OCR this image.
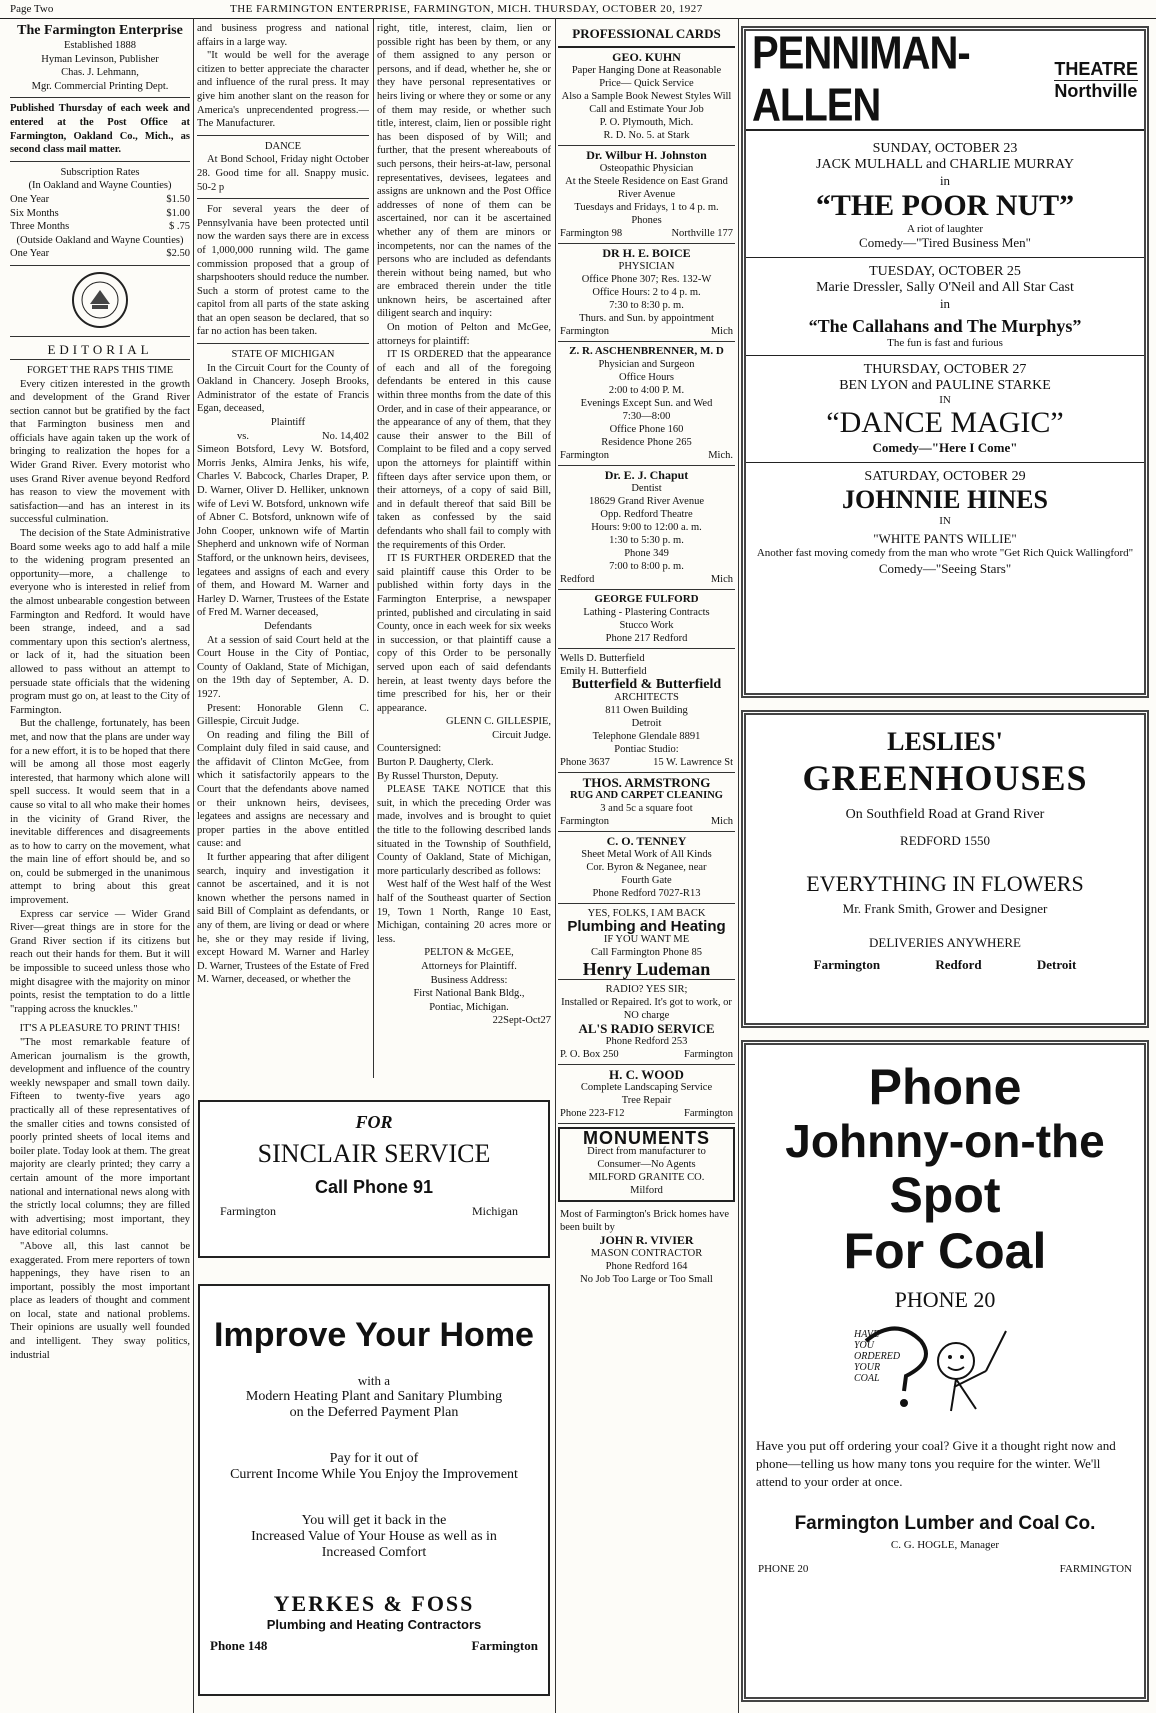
Page Two	THE FARMINGTON ENTERPRISE, FARMINGTON, MICH. THURSDAY, OCTOBER 20, 1927
The Farmington Enterprise
Established 1888
Hyman Levinson, Publisher
Chas. J. Lehmann,
Mgr. Commercial Printing Dept.
Published Thursday of each week and entered at the Post Office at Farmington, Oakland Co., Mich., as second class mail matter.
Subscription Rates
(In Oakland and Wayne Counties)
One Year	$1.50
Six Months	$1.00
Three Months	$ .75
(Outside Oakland and Wayne Counties)
One Year	$2.50
EDITORIAL
FORGET THE RAPS THIS TIME

Every citizen interested in the growth and development of the Grand River section cannot but be gratified by the fact that Farmington business men and officials have again taken up the work of bringing to realization the hopes for a Wider Grand River. Every motorist who uses Grand River avenue beyond Redford has reason to view the movement with satisfaction—and has an interest in its successful culmination.

The decision of the State Administrative Board some weeks ago to add half a mile to the widening program presented an opportunity—more, a challenge to everyone who is interested in relief from the almost unbearable congestion between Farmington and Redford. It would have been strange, indeed, and a sad commentary upon this section's alertness, or lack of it, had the situation been allowed to pass without an attempt to persuade state officials that the widening program must go on, at least to the City of Farmington.

But the challenge, fortunately, has been met, and now that the plans are under way for a new effort, it is to be hoped that there will be among all those most eagerly interested, that harmony which alone will spell success. It would seem that in a cause so vital to all who make their homes in the vicinity of Grand River, the inevitable differences and disagreements as to how to carry on the movement, what the main line of effort should be, and so on, could be submerged in the unanimous attempt to bring about this great improvement.

Express car service — Wider Grand River—great things are in store for the Grand River section if its citizens but reach out their hands for them. But it will be impossible to suceed unless those who might disagree with the majority on minor points, resist the temptation to do a little "rapping across the knuckles."

IT'S A PLEASURE TO PRINT THIS!

"The most remarkable feature of American journalism is the growth, development and influence of the country weekly newspaper and small town daily. Fifteen to twenty-five years ago practically all of these representatives of the smaller cities and towns consisted of poorly printed sheets of local items and boiler plate. Today look at them. The great majority are clearly printed; they carry a certain amount of the more important national and international news along with the strictly local columns; they are filled with advertising; most important, they have editorial columns.

"Above all, this last cannot be exaggerated. From mere reporters of town happenings, they have risen to an important, possibly the most important place as leaders of thought and comment on local, state and national problems. Their opinions are usually well founded and intelligent. They sway politics, industrial

and business progress and national affairs in a large way.

"It would be well for the average citizen to better appreciate the character and influence of the rural press. It may give him another slant on the reason for America's unprecendented progress.—The Manufacturer.

DANCE

At Bond School, Friday night October 28. Good time for all. Snappy music. 50-2 p

For several years the deer of Pennsylvania have been protected until now the warden says there are in excess of 1,000,000 running wild. The game commission proposed that a group of sharpshooters should reduce the number. Such a storm of protest came to the capitol from all parts of the state asking that an open season be declared, that so far no action has been taken.

STATE OF MICHIGAN

In the Circuit Court for the County of Oakland in Chancery. Joseph Brooks, Administrator of the estate of Francis Egan, deceased,

Plaintiff

vs.	No. 14,402

Simeon Botsford, Levy W. Botsford, Morris Jenks, Almira Jenks, his wife, Charles V. Babcock, Charles Draper, P. D. Warner, Oliver D. Helliker, unknown wife of Levi W. Botsford, unknown wife of Abner C. Botsford, unknown wife of John Cooper, unknown wife of Martin Shepherd and unknown wife of Norman Stafford, or the unknown heirs, devisees, legatees and assigns of each and every of them, and Howard M. Warner and Harley D. Warner, Trustees of the Estate of Fred M. Warner deceased,

Defendants

At a session of said Court held at the Court House in the City of Pontiac, County of Oakland, State of Michigan, on the 19th day of September, A. D. 1927.

Present: Honorable Glenn C. Gillespie, Circuit Judge.

On reading and filing the Bill of Complaint duly filed in said cause, and the affidavit of Clinton McGee, from which it satisfactorily appears to the Court that the defendants above named or their unknown heirs, devisees, legatees and assigns are necessary and proper parties in the above entitled cause: and

It further appearing that after diligent search, inquiry and investigation it cannot be ascertained, and it is not known whether the persons named in said Bill of Complaint as defendants, or any of them, are living or dead or where he, she or they may reside if living, except Howard M. Warner and Harley D. Warner, Trustees of the Estate of Fred M. Warner, deceased, or whether the

right, title, interest, claim, lien or possible right has been by them, or any of them assigned to any person or persons, and if dead, whether he, she or they have personal representatives or heirs living or where they or some or any of them may reside, or whether such title, interest, claim, lien or possible right has been disposed of by Will; and further, that the present whereabouts of such persons, their heirs-at-law, personal representatives, devisees, legatees and assigns are unknown and the Post Office addresses of none of them can be ascertained, nor can it be ascertained whether any of them are minors or incompetents, nor can the names of the persons who are included as defendants therein without being named, but who are embraced therein under the title unknown heirs, be ascertained after diligent search and inquiry:

On motion of Pelton and McGee, attorneys for plaintiff:

IT IS ORDERED that the appearance of each and all of the foregoing defendants be entered in this cause within three months from the date of this Order, and in case of their appearance, or the appearance of any of them, that they cause their answer to the Bill of Complaint to be filed and a copy served upon the attorneys for plaintiff within fifteen days after service upon them, or their attorneys, of a copy of said Bill, and in default thereof that said Bill be taken as confessed by the said defendants who shall fail to comply with the requirements of this Order.

IT IS FURTHER ORDERED that the said plaintiff cause this Order to be published within forty days in the Farmington Enterprise, a newspaper printed, published and circulating in said County, once in each week for six weeks in succession, or that plaintiff cause a copy of this Order to be personally served upon each of said defendants herein, at least twenty days before the time prescribed for his, her or their appearance.

GLENN C. GILLESPIE,

Circuit Judge.

Countersigned:

Burton P. Daugherty, Clerk.

By Russel Thurston, Deputy.

PLEASE TAKE NOTICE that this suit, in which the preceding Order was made, involves and is brought to quiet the title to the following described lands situated in the Township of Southfield, County of Oakland, State of Michigan, more particularly described as follows:

West half of the West half of the West half of the Southeast quarter of Section 19, Town 1 North, Range 10 East, Michigan, containing 20 acres more or less.

PELTON & McGEE,

Attorneys for Plaintiff.

Business Address:

First National Bank Bldg.,

Pontiac, Michigan.

22Sept-Oct27

FOR
SINCLAIR SERVICE
Call Phone 91
Farmington	Michigan
Improve Your Home
with a
Modern Heating Plant and Sanitary Plumbing
on the Deferred Payment Plan
Pay for it out of
Current Income While You Enjoy the Improvement
You will get it back in the
Increased Value of Your House as well as in
Increased Comfort
YERKES & FOSS
Plumbing and Heating Contractors
Phone 148	Farmington
PROFESSIONAL CARDS
GEO. KUHN
Paper Hanging Done at Reasonable Price— Quick Service
Also a Sample Book Newest Styles Will Call and Estimate Your Job
P. O. Plymouth, Mich.
R. D. No. 5. at Stark
Dr. Wilbur H. Johnston
Osteopathic Physician
At the Steele Residence on East Grand River Avenue
Tuesdays and Fridays, 1 to 4 p. m.
Phones
Farmington 98	Northville 177
DR H. E. BOICE
PHYSICIAN
Office Phone 307; Res. 132-W
Office Hours: 2 to 4 p. m.
7:30 to 8:30 p. m.
Thurs. and Sun. by appointment
Farmington	Mich
Z. R. ASCHENBRENNER, M. D
Physician and Surgeon
Office Hours
2:00 to 4:00 P. M.
Evenings Except Sun. and Wed
7:30—8:00
Office Phone 160
Residence Phone 265
Farmington	Mich.
Dr. E. J. Chaput
Dentist
18629 Grand River Avenue
Opp. Redford Theatre
Hours: 9:00 to 12:00 a. m.
1:30 to 5:30 p. m.
Phone 349
7:00 to 8:00 p. m.
Redford	Mich
GEORGE FULFORD
Lathing - Plastering Contracts
Stucco Work
Phone 217 Redford
Wells D. Butterfield
Emily H. Butterfield
Butterfield & Butterfield
ARCHITECTS
811 Owen Building
Detroit
Telephone Glendale 8891
Pontiac Studio:
Phone 3637	15 W. Lawrence St
THOS. ARMSTRONG
RUG AND CARPET CLEANING
3 and 5c a square foot
Farmington	Mich
C. O. TENNEY
Sheet Metal Work of All Kinds
Cor. Byron & Neganee, near
Fourth Gate
Phone Redford 7027-R13
YES, FOLKS, I AM BACK
Plumbing and Heating
IF YOU WANT ME
Call Farmington Phone 85
Henry Ludeman
RADIO? YES SIR;
Installed or Repaired. It's got to work, or NO charge
AL'S RADIO SERVICE
Phone Redford 253
P. O. Box 250	Farmington
H. C. WOOD
Complete Landscaping Service
Tree Repair
Phone 223-F12	Farmington
MONUMENTS
Direct from manufacturer to
Consumer—No Agents
MILFORD GRANITE CO.
Milford
Most of Farmington's Brick homes have been built by
JOHN R. VIVIER
MASON CONTRACTOR
Phone Redford 164
No Job Too Large or Too Small
PENNIMAN-ALLEN
THEATRE
Northville
SUNDAY, OCTOBER 23
JACK MULHALL and CHARLIE MURRAY
in
“THE POOR NUT”
A riot of laughter
Comedy—"Tired Business Men"
TUESDAY, OCTOBER 25
Marie Dressler, Sally O'Neil and All Star Cast
in
“The Callahans and The Murphys”
The fun is fast and furious
THURSDAY, OCTOBER 27
BEN LYON and PAULINE STARKE
IN
“DANCE MAGIC”
Comedy—"Here I Come"
SATURDAY, OCTOBER 29
JOHNNIE HINES
IN
"WHITE PANTS WILLIE"
Another fast moving comedy from the man who wrote "Get Rich Quick Wallingford"
Comedy—"Seeing Stars"
LESLIES'
GREENHOUSES
On Southfield Road at Grand River
REDFORD 1550
EVERYTHING IN FLOWERS
Mr. Frank Smith, Grower and Designer
DELIVERIES ANYWHERE
Farmington	Redford	Detroit
Phone
Johnny-on-the
Spot
For Coal
PHONE 20
HAVE
YOU
ORDERED
YOUR
COAL
Have you put off ordering your coal? Give it a thought right now and phone—telling us how many tons you require for the winter. We'll attend to your order at once.
Farmington Lumber and Coal Co.
C. G. HOGLE, Manager
PHONE 20	FARMINGTON
